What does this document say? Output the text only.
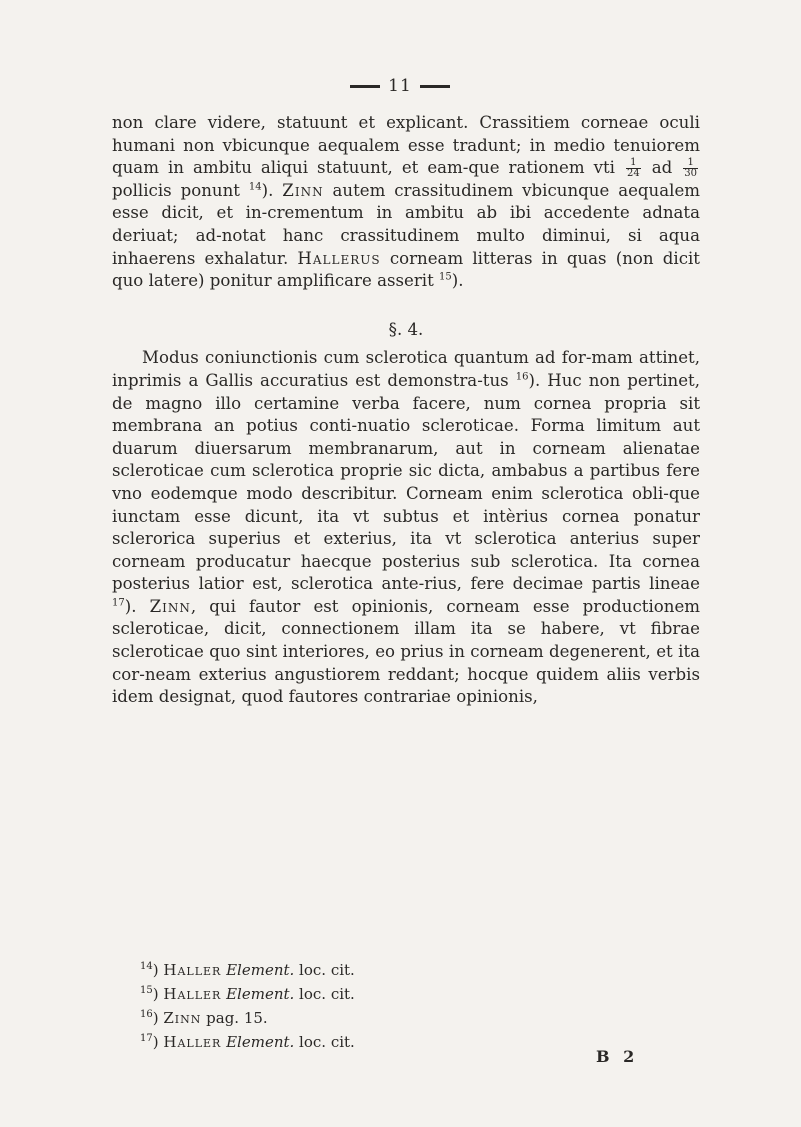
11

non clare videre, statuunt et explicant. Crassitiem corneae oculi humani non vbicunque aequalem esse tradunt; in medio tenuiorem quam in ambitu aliqui statuunt, et eam-que rationem vti $\frac{1}{24}$ ad $\frac{1}{30}$
pollicis ponunt $^{14}$). Zinn autem crassitudinem vbicunque aequalem esse dicit, et in-crementum in ambitu ab ibi accedente adnata deriuat; ad-notat hanc crassitudinem multo diminui, si aqua inhaerens exhalatur. Hallerus corneam litteras in quas (non dicit quo latere) ponitur amplificare asserit $^{15}$).

§. 4.

Modus coniunctionis cum sclerotica quantum ad for-mam attinet, inprimis a Gallis accuratius est demonstra-tus $^{16}$). Huc non pertinet, de magno illo certamine verba facere, num cornea propria sit membrana an potius conti-nuatio scleroticae. Forma limitum aut duarum diuersarum membranarum, aut in corneam alienatae scleroticae cum sclerotica proprie sic dicta, ambabus a partibus fere vno eodemque modo describitur. Corneam enim sclerotica obli-que iunctam esse dicunt, ita vt subtus et intèrius cornea ponatur sclerorica superius et exterius, ita vt sclerotica anterius super corneam producatur haecque posterius sub sclerotica. Ita cornea posterius latior est, sclerotica ante-rius, fere decimae partis lineae $^{17}$). Zinn, qui fautor est opinionis, corneam esse productionem scleroticae, dicit, connectionem illam ita se habere, vt fibrae scleroticae quo sint interiores, eo prius in corneam degenerent, et ita cor-neam exterius angustiorem reddant; hocque quidem aliis verbis idem designat, quod fautores contrariae opinionis,

$^{14}$) Haller Element. loc. cit.

$^{15}$) Haller Element. loc. cit.

$^{16}$) Zinn pag. 15.

$^{17}$) Haller Element. loc. cit.

B 2
